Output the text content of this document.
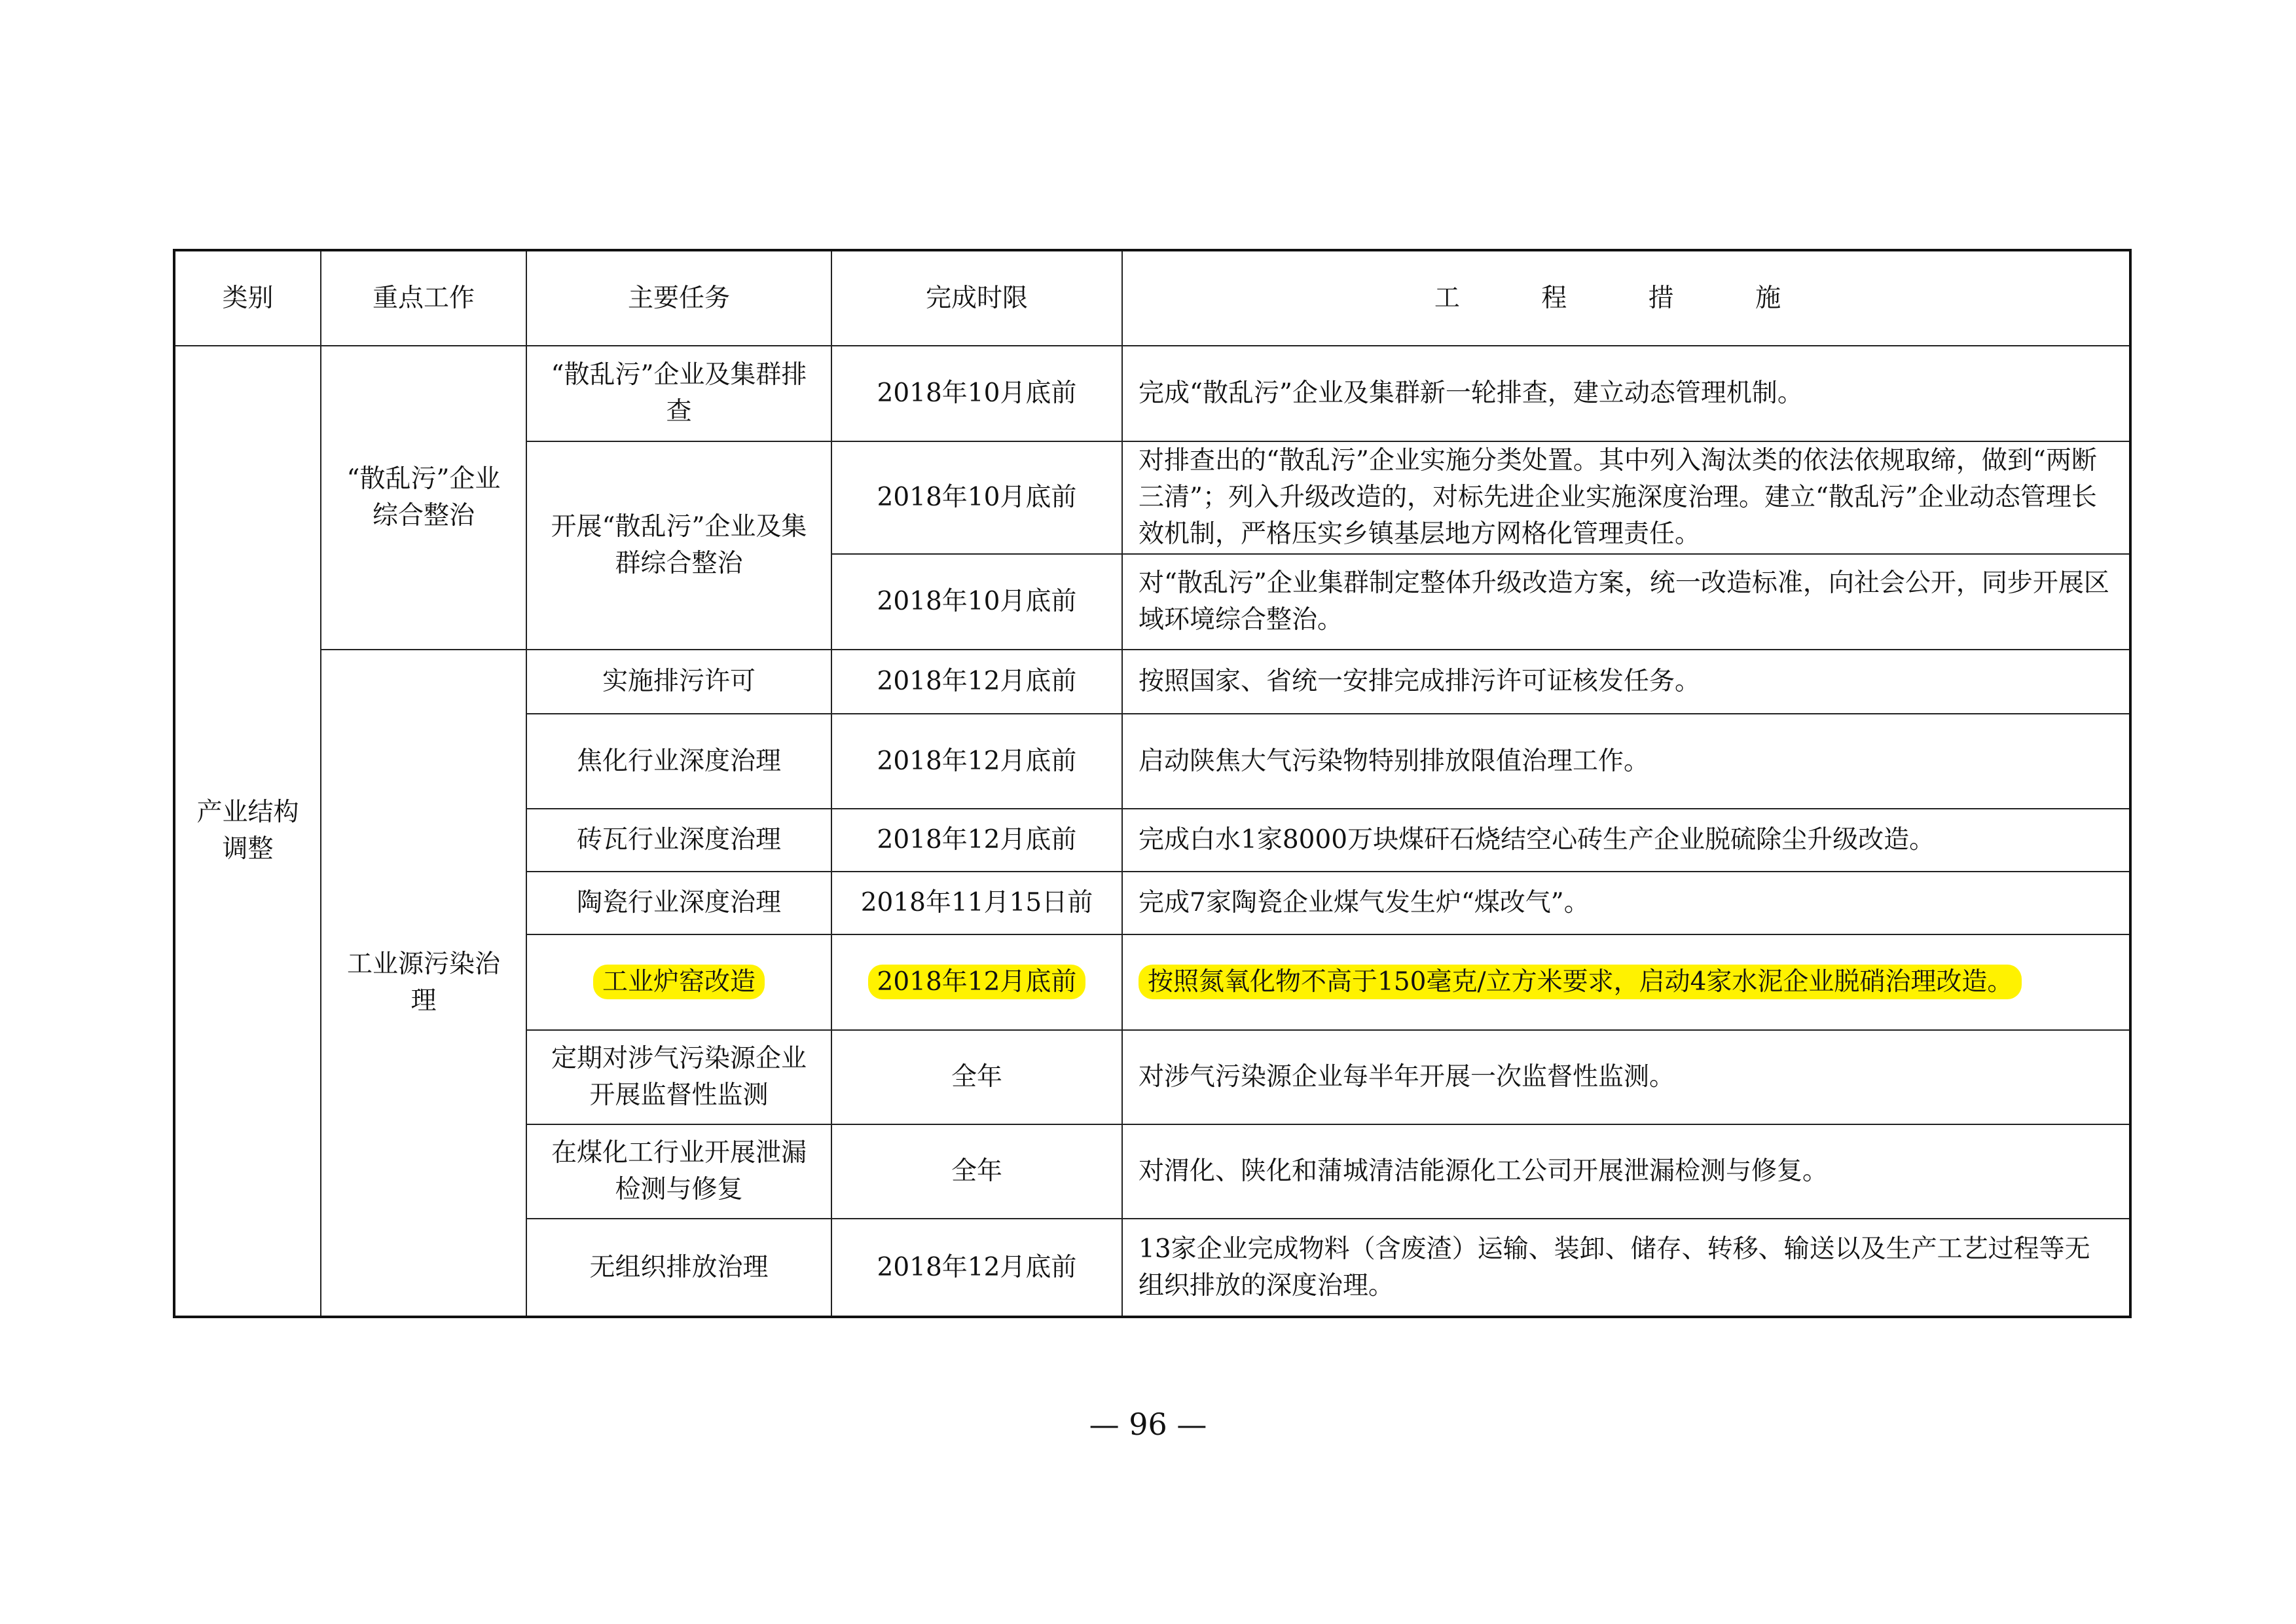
类别	重点工作	主要任务	完成时限	工 程 措 施
产业结构调整	“散乱污”企业综合整治	“散乱污”企业及集群排查	2018年10月底前	完成“散乱污”企业及集群新一轮排查，建立动态管理机制。
		开展“散乱污”企业及集群综合整治	2018年10月底前	对排查出的“散乱污”企业实施分类处置。其中列入淘汰类的依法依规取缔，做到“两断三清”；列入升级改造的，对标先进企业实施深度治理。建立“散乱污”企业动态管理长效机制，严格压实乡镇基层地方网格化管理责任。
			2018年10月底前	对“散乱污”企业集群制定整体升级改造方案，统一改造标准，向社会公开，同步开展区域环境综合整治。
	工业源污染治理	实施排污许可	2018年12月底前	按照国家、省统一安排完成排污许可证核发任务。
		焦化行业深度治理	2018年12月底前	启动陕焦大气污染物特别排放限值治理工作。
		砖瓦行业深度治理	2018年12月底前	完成白水1家8000万块煤矸石烧结空心砖生产企业脱硫除尘升级改造。
		陶瓷行业深度治理	2018年11月15日前	完成7家陶瓷企业煤气发生炉“煤改气”。
		工业炉窑改造	2018年12月底前	按照氮氧化物不高于150毫克/立方米要求，启动4家水泥企业脱硝治理改造。
		定期对涉气污染源企业开展监督性监测	全年	对涉气污染源企业每半年开展一次监督性监测。
		在煤化工行业开展泄漏检测与修复	全年	对渭化、陕化和蒲城清洁能源化工公司开展泄漏检测与修复。
		无组织排放治理	2018年12月底前	13家企业完成物料（含废渣）运输、装卸、储存、转移、输送以及生产工艺过程等无组织排放的深度治理。
— 96 —
